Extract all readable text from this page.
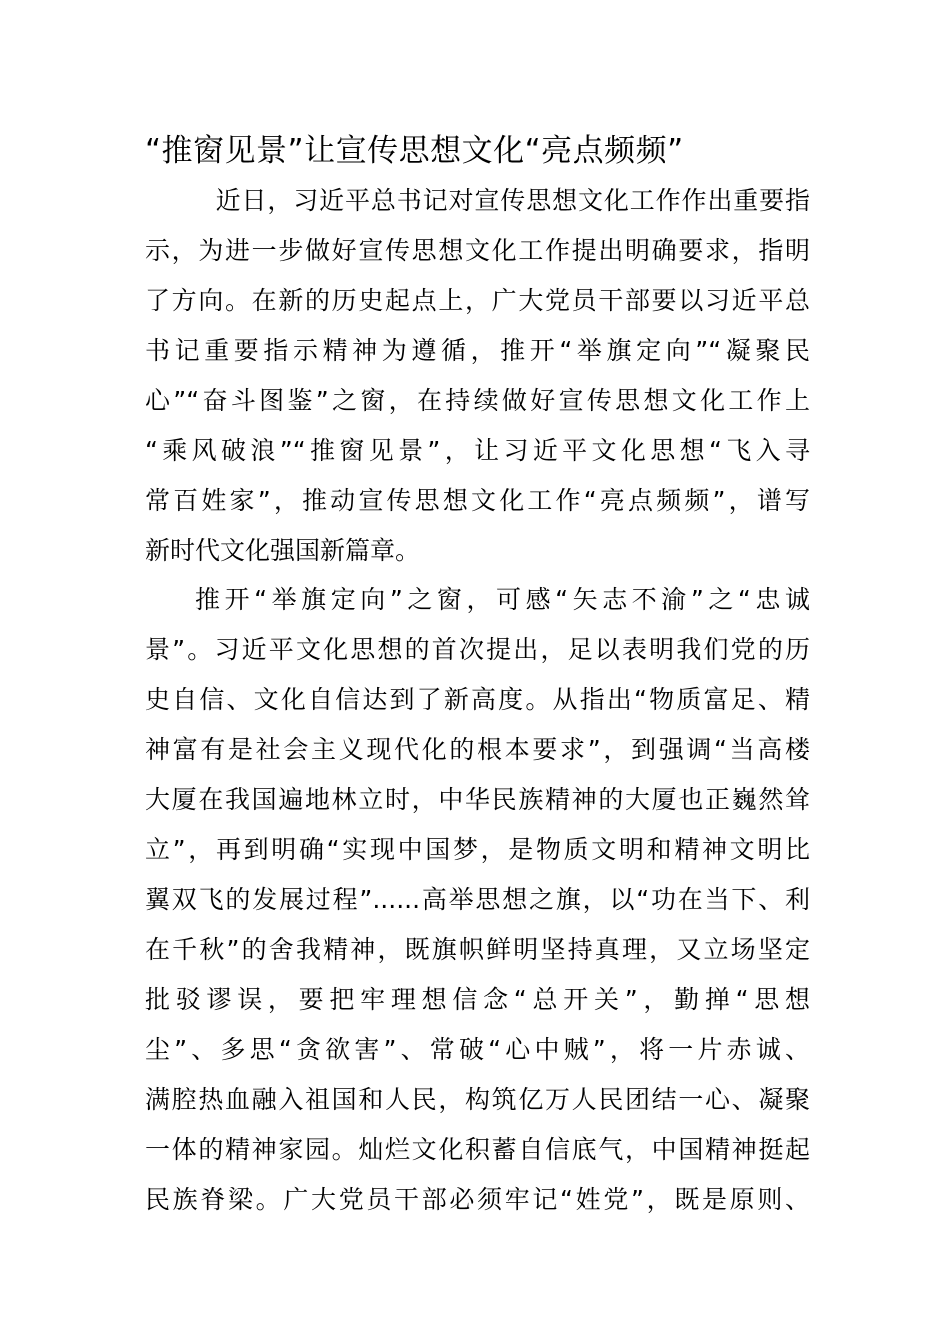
“推窗见景”让宣传思想文化“亮点频频”
近日，习近平总书记对宣传思想文化工作作出重要指
示，为进一步做好宣传思想文化工作提出明确要求，指明
了方向。在新的历史起点上，广大党员干部要以习近平总
书记重要指示精神为遵循，推开“举旗定向”“凝聚民
心”“奋斗图鉴”之窗，在持续做好宣传思想文化工作上
“乘风破浪”“推窗见景”，让习近平文化思想“飞入寻
常百姓家”，推动宣传思想文化工作“亮点频频”，谱写
新时代文化强国新篇章。
推开“举旗定向”之窗，可感“矢志不渝”之“忠诚
景”。习近平文化思想的首次提出，足以表明我们党的历
史自信、文化自信达到了新高度。从指出“物质富足、精
神富有是社会主义现代化的根本要求”，到强调“当高楼
大厦在我国遍地林立时，中华民族精神的大厦也正巍然耸
立”，再到明确“实现中国梦，是物质文明和精神文明比
翼双飞的发展过程”......高举思想之旗，以“功在当下、利
在千秋”的舍我精神，既旗帜鲜明坚持真理，又立场坚定
批驳谬误，要把牢理想信念“总开关”，勤掸“思想
尘”、多思“贪欲害”、常破“心中贼”，将一片赤诚、
满腔热血融入祖国和人民，构筑亿万人民团结一心、凝聚
一体的精神家园。灿烂文化积蓄自信底气，中国精神挺起
民族脊梁。广大党员干部必须牢记“姓党”，既是原则、
